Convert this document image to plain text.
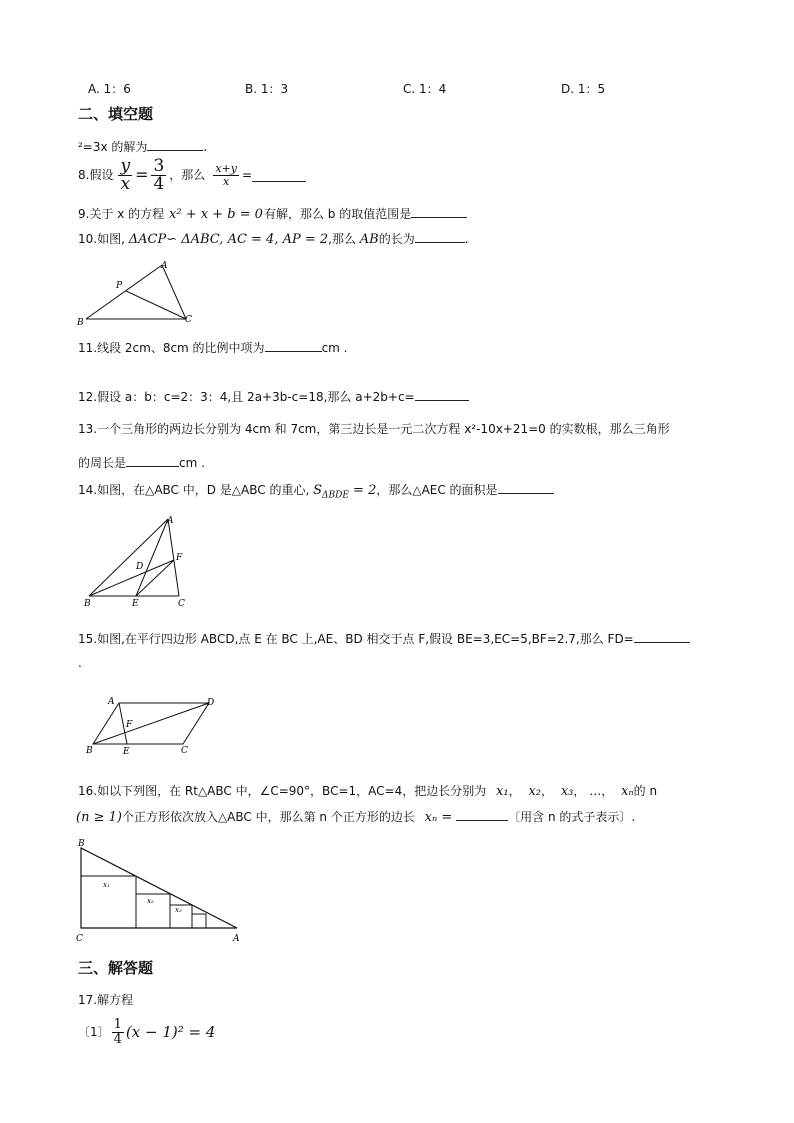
A. 1：6	B. 1：3	C. 1：4	D. 1：5
二、填空题
²=3x 的解为	.
8.假设 $\frac{y}{x} = \frac{3}{4}$ ，那么 $\frac{x+y}{x}$ =
9.关于 x 的方程 x² + x + b = 0有解，那么 b 的取值范围是
10.如图, ΔACP∽ ΔABC, AC = 4, AP = 2,那么 AB的长为	.
A
P
B	C
11.线段 2cm、8cm 的比例中项为	cm .
12.假设 a：b：c=2：3：4,且 2a+3b-c=18,那么 a+2b+c=
13.一个三角形的两边长分别为 4cm 和 7cm，第三边长是一元二次方程 x²-10x+21=0 的实数根，那么三角形
的周长是	cm .
14.如图，在△ABC 中，D 是△ABC 的重心, $S_{\Delta BDE} = 2$，那么△AEC 的面积是
A
D
F
B	E	C
15.如图,在平行四边形 ABCD,点 E 在 BC 上,AE、BD 相交于点 F,假设 BE=3,EC=5,BF=2.7,那么 FD=
.
A	D
F
B	E	C
16.如以下列图，在 Rt△ABC 中，∠C=90°，BC=1，AC=4，把边长分别为 x₁， x₂， x₃， …， xₙ的 n
(n ≥ 1)个正方形依次放入△ABC 中，那么第 n 个正方形的边长 xₙ =	〔用含 n 的式子表示〕.
B
C	A
x₁
x₂
x₃
三、解答题
17.解方程
〔1〕 $\frac{1}{4} (x - 1)^2 = 4$
